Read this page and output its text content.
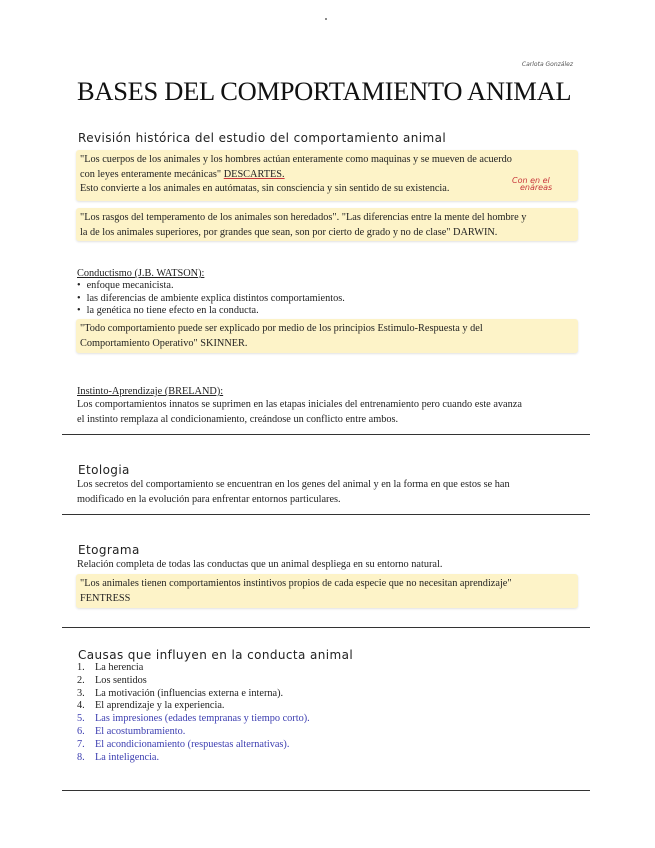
Carlota González
BASES DEL COMPORTAMIENTO ANIMAL
Revisión histórica del estudio del comportamiento animal
"Los cuerpos de los animales y los hombres actúan enteramente como maquinas y se mueven de acuerdo
con leyes enteramente mecánicas" DESCARTES.
Esto convierte a los animales en autómatas, sin consciencia y sin sentido de su existencia.
Con en el
enáreas
"Los rasgos del temperamento de los animales son heredados". "Las diferencias entre la mente del hombre y
la de los animales superiores, por grandes que sean, son por cierto de grado y no de clase" DARWIN.
Conductismo (J.B. WATSON):
• enfoque mecanicista.
• las diferencias de ambiente explica distintos comportamientos.
• la genética no tiene efecto en la conducta.
"Todo comportamiento puede ser explicado por medio de los principios Estimulo-Respuesta y del
Comportamiento Operativo" SKINNER.
Instinto-Aprendizaje (BRELAND):
Los comportamientos innatos se suprimen en las etapas iniciales del entrenamiento pero cuando este avanza
el instinto remplaza al condicionamiento, creándose un conflicto entre ambos.
Etologia
Los secretos del comportamiento se encuentran en los genes del animal y en la forma en que estos se han
modificado en la evolución para enfrentar entornos particulares.
Etograma
Relación completa de todas las conductas que un animal despliega en su entorno natural.
"Los animales tienen comportamientos instintivos propios de cada especie que no necesitan aprendizaje"
FENTRESS
Causas que influyen en la conducta animal
1. La herencia
2. Los sentidos
3. La motivación (influencias externa e interna).
4. El aprendizaje y la experiencia.
5. Las impresiones (edades tempranas y tiempo corto).
6. El acostumbramiento.
7. El acondicionamiento (respuestas alternativas).
8. La inteligencia.
